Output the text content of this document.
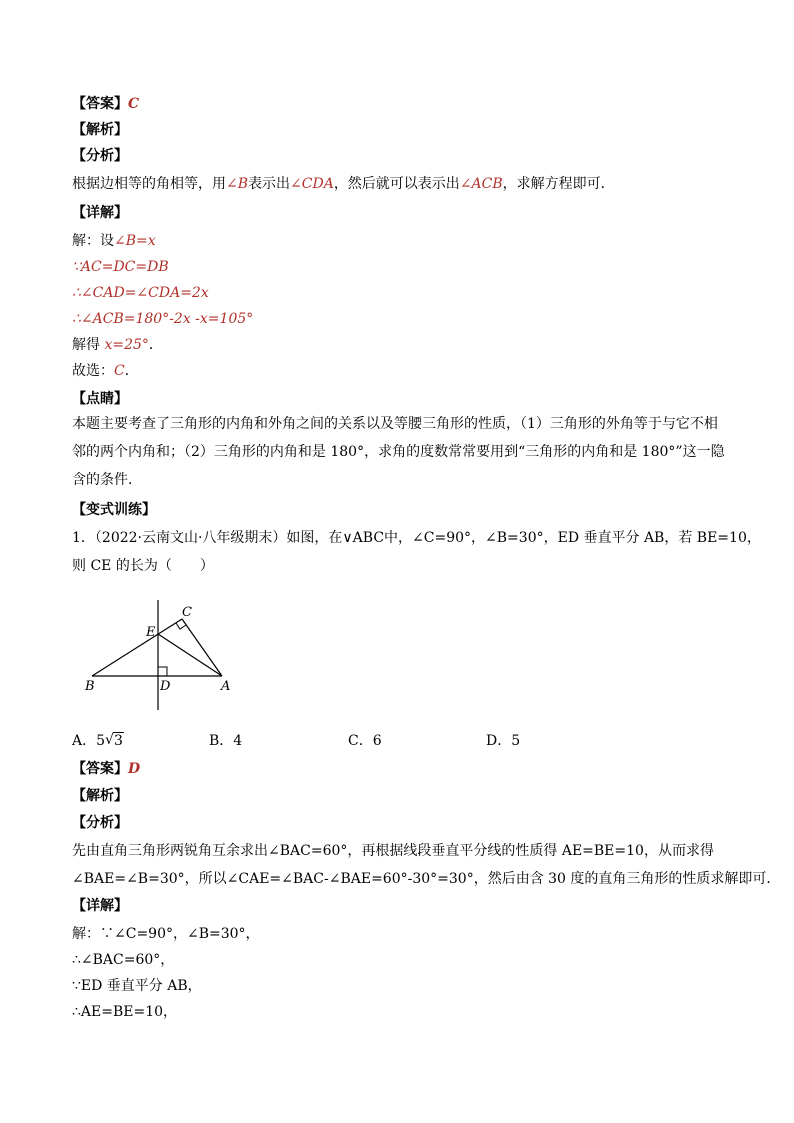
【答案】C
【解析】
【分析】
根据边相等的角相等，用∠B表示出∠CDA，然后就可以表示出∠ACB，求解方程即可．
【详解】
解：设∠B=x
∵AC=DC=DB
∴∠CAD=∠CDA=2x
∴∠ACB=180°-2x -x=105°
解得 x=25°．
故选：C．
【点睛】
本题主要考查了三角形的内角和外角之间的关系以及等腰三角形的性质，（1）三角形的外角等于与它不相邻的两个内角和；（2）三角形的内角和是 180°，求角的度数常常要用到“三角形的内角和是 180°”这一隐含的条件．
【变式训练】
1．（2022·云南文山·八年级期末）如图，在∨ABC中，∠C=90°，∠B=30°，ED 垂直平分 AB，若 BE=10，
则 CE 的长为（　　）
B	D	A
E
C
A．5 √ 3	B．4	C．6	D．5
【答案】D
【解析】
【分析】
先由直角三角形两锐角互余求出∠BAC=60°，再根据线段垂直平分线的性质得 AE=BE=10，从而求得
∠BAE=∠B=30°，所以∠CAE=∠BAC-∠BAE=60°-30°=30°，然后由含 30 度的直角三角形的性质求解即可．
【详解】
解：∵∠C=90°，∠B=30°，
∴∠BAC=60°，
∵ED 垂直平分 AB，
∴AE=BE=10，
